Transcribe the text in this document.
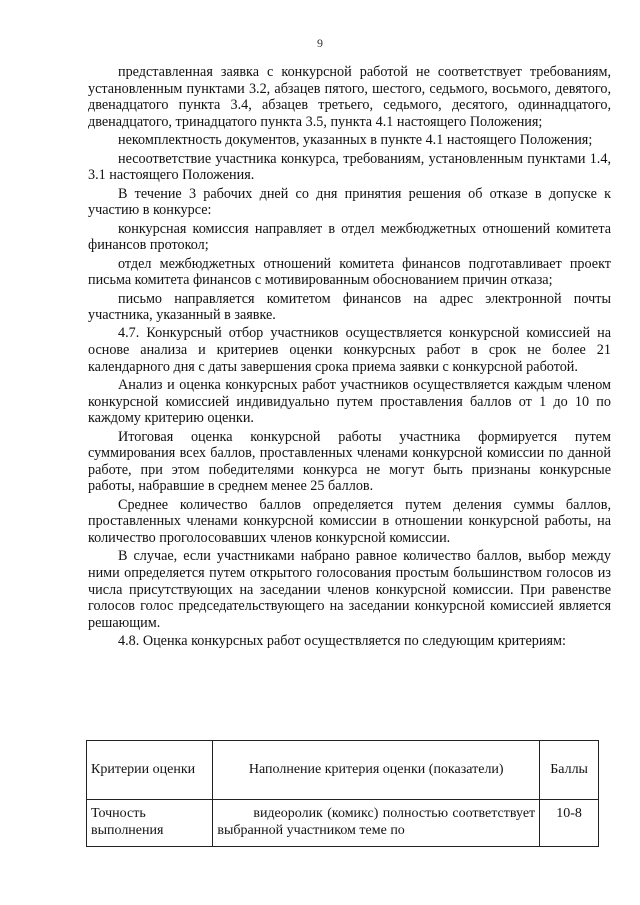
9

представленная заявка с конкурсной работой не соответствует требованиям, установленным пунктами 3.2, абзацев пятого, шестого, седьмого, восьмого, девятого, двенадцатого пункта 3.4, абзацев третьего, седьмого, десятого, одиннадцатого, двенадцатого, тринадцатого пункта 3.5, пункта 4.1 настоящего Положения;

некомплектность документов, указанных в пункте 4.1 настоящего Положения;

несоответствие участника конкурса, требованиям, установленным пунктами 1.4, 3.1 настоящего Положения.

В течение 3 рабочих дней со дня принятия решения об отказе в допуске к участию в конкурсе:

конкурсная комиссия направляет в отдел межбюджетных отношений комитета финансов протокол;

отдел межбюджетных отношений комитета финансов подготавливает проект письма комитета финансов с мотивированным обоснованием причин отказа;

письмо направляется комитетом финансов на адрес электронной почты участника, указанный в заявке.

4.7. Конкурсный отбор участников осуществляется конкурсной комиссией на основе анализа и критериев оценки конкурсных работ в срок не более 21 календарного дня с даты завершения срока приема заявки с конкурсной работой.

Анализ и оценка конкурсных работ участников осуществляется каждым членом конкурсной комиссией индивидуально путем проставления баллов от 1 до 10 по каждому критерию оценки.

Итоговая оценка конкурсной работы участника формируется путем суммирования всех баллов, проставленных членами конкурсной комиссии по данной работе, при этом победителями конкурса не могут быть признаны конкурсные работы, набравшие в среднем менее 25 баллов.

Среднее количество баллов определяется путем деления суммы баллов, проставленных членами конкурсной комиссии в отношении конкурсной работы, на количество проголосовавших членов конкурсной комиссии.

В случае, если участниками набрано равное количество баллов, выбор между ними определяется путем открытого голосования простым большинством голосов из числа присутствующих на заседании членов конкурсной комиссии. При равенстве голосов голос председательствующего на заседании конкурсной комиссией является решающим.

4.8. Оценка конкурсных работ осуществляется по следующим критериям:

Критерии оценки	Наполнение критерия оценки (показатели)	Баллы
Точность выполнения	видеоролик (комикс) полностью соответствует выбранной участником теме по	10-8
